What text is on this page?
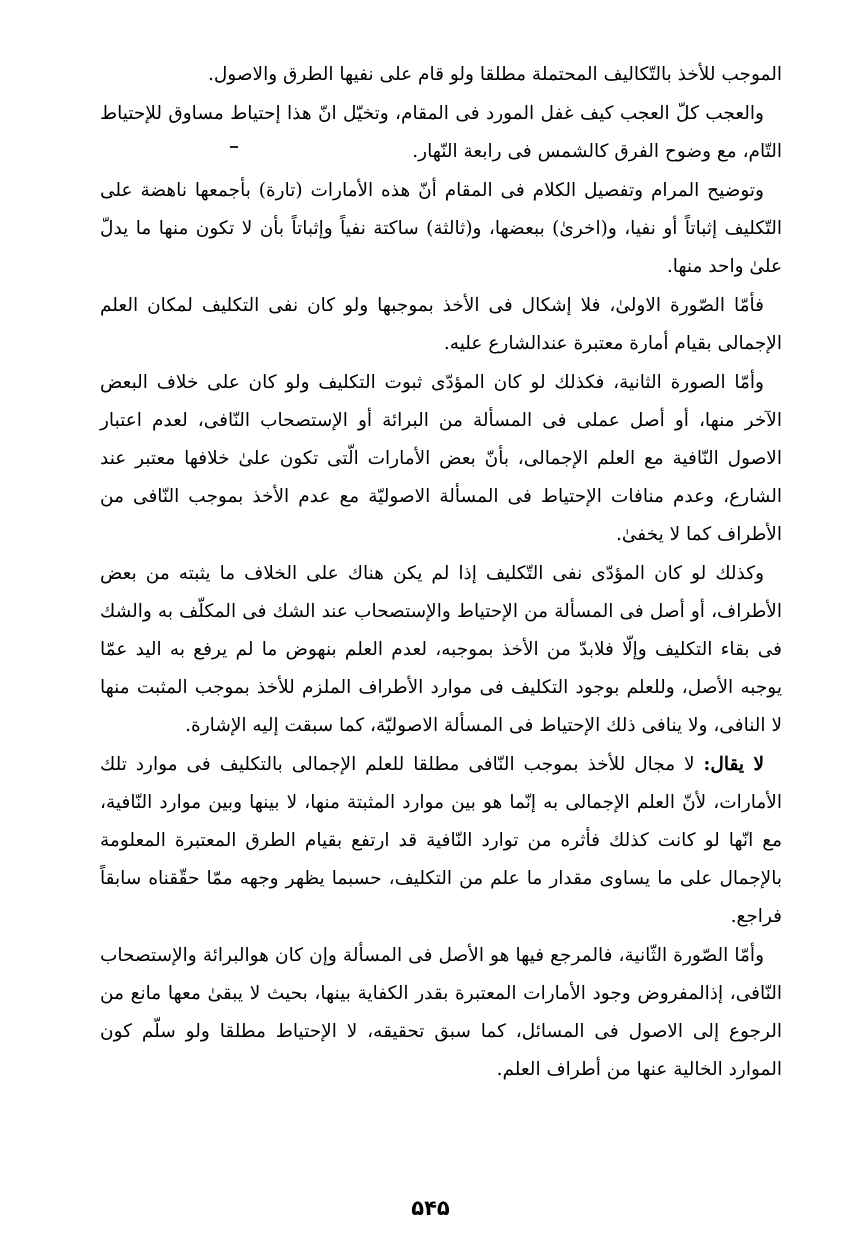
الموجب للأخذ بالتّكاليف المحتملة مطلقا ولو قام على نفيها الطرق والاصول.

والعجب كلّ العجب كيف غفل المورد فى المقام، وتخيّل انّ هذا إحتياط مساوق للإحتياط التّام، مع وضوح الفرق كالشمس فى رابعة النّهار.

وتوضيح المرام وتفصيل الكلام فى المقام أنّ هذه الأمارات (تارة) بأجمعها ناهضة على التّكليف إثباتاً أو نفيا، و(اخرىٰ) ببعضها، و(ثالثة) ساكتة نفياً وإثباتاً بأن لا تكون منها ما يدلّ علىٰ واحد منها.

فأمّا الصّورة الاولىٰ، فلا إشكال فى الأخذ بموجبها ولو كان نفى التكليف لمكان العلم الإجمالى بقيام أمارة معتبرة عندالشارع عليه.

وأمّا الصورة الثانية، فكذلك لو كان المؤدّى ثبوت التكليف ولو كان على خلاف البعض الآخر منها، أو أصل عملى فى المسألة من البرائة أو الإستصحاب النّافى، لعدم اعتبار الاصول النّافية مع العلم الإجمالى، بأنّ بعض الأمارات الّتى تكون علىٰ خلافها معتبر عند الشارع، وعدم منافات الإحتياط فى المسألة الاصوليّة مع عدم الأخذ بموجب النّافى من الأطراف كما لا يخفىٰ.

وكذلك لو كان المؤدّى نفى التّكليف إذا لم يكن هناك على الخلاف ما يثبته من بعض الأطراف، أو أصل فى المسألة من الإحتياط والإستصحاب عند الشك فى المكلّف به والشك فى بقاء التكليف وإلّا فلابدّ من الأخذ بموجبه، لعدم العلم بنهوض ما لم يرفع به اليد عمّا يوجبه الأصل، وللعلم بوجود التكليف فى موارد الأطراف الملزم للأخذ بموجب المثبت منها لا النافى، ولا ينافى ذلك الإحتياط فى المسألة الاصوليّة، كما سبقت إليه الإشارة.

لا يقال: لا مجال للأخذ بموجب النّافى مطلقا للعلم الإجمالى بالتكليف فى موارد تلك الأمارات، لأنّ العلم الإجمالى به إنّما هو بين موارد المثبتة منها، لا بينها وبين موارد النّافية، مع انّها لو كانت كذلك فأثره من توارد النّافية قد ارتفع بقيام الطرق المعتبرة المعلومة بالإجمال على ما يساوى مقدار ما علم من التكليف، حسبما يظهر وجهه ممّا حقّقناه سابقاً فراجع.

وأمّا الصّورة الثّانية، فالمرجع فيها هو الأصل فى المسألة وإن كان هوالبرائة والإستصحاب النّافى، إذالمفروض وجود الأمارات المعتبرة بقدر الكفاية بينها، بحيث لا يبقىٰ معها مانع من الرجوع إلى الاصول فى المسائل، كما سبق تحقيقه، لا الإحتياط مطلقا ولو سلّم كون الموارد الخالية عنها من أطراف العلم.

۵۴۵
